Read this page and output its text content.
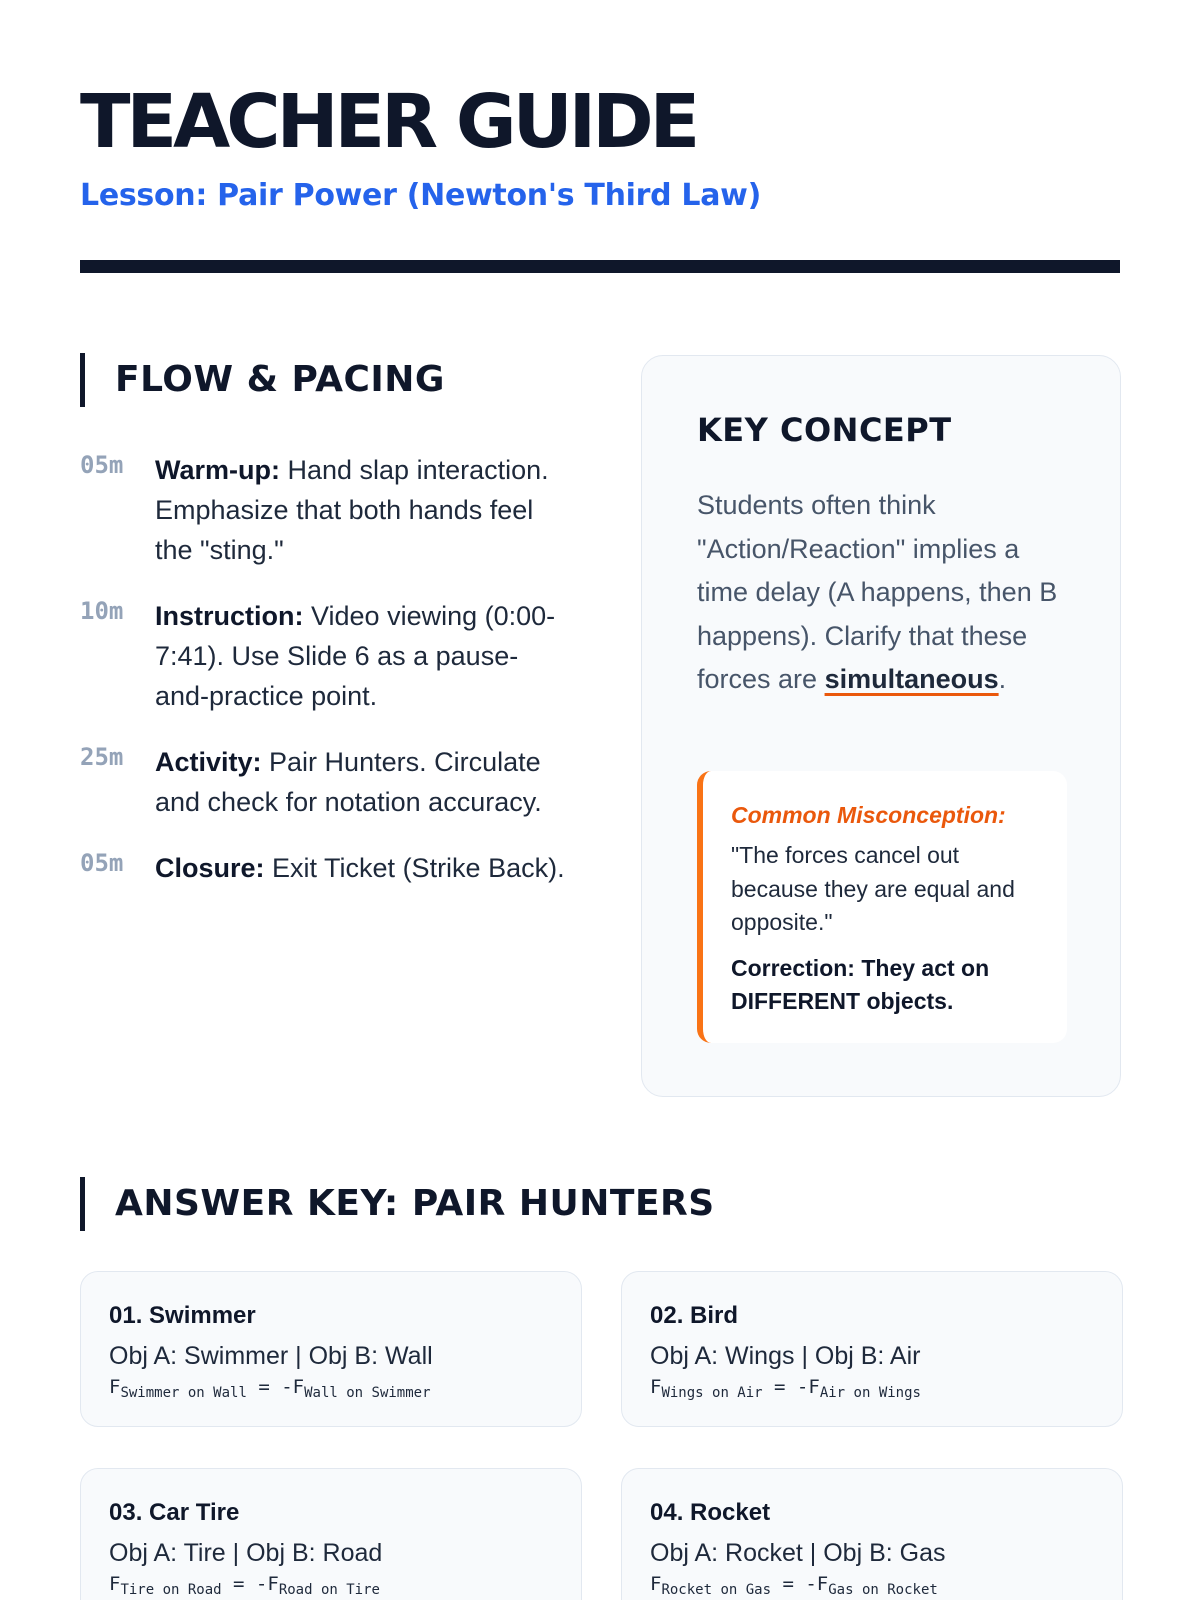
TEACHER GUIDE
Lesson: Pair Power (Newton's Third Law)
FLOW & PACING
05m	Warm-up: Hand slap interaction. Emphasize that both hands feel the "sting."
10m	Instruction: Video viewing (0:00-7:41). Use Slide 6 as a pause-and-practice point.
25m	Activity: Pair Hunters. Circulate and check for notation accuracy.
05m	Closure: Exit Ticket (Strike Back).
KEY CONCEPT

Students often think "Action/Reaction" implies a time delay (A happens, then B happens). Clarify that these forces are simultaneous.

Common Misconception:
"The forces cancel out because they are equal and opposite."
Correction: They act on DIFFERENT objects.
ANSWER KEY: PAIR HUNTERS
01. Swimmer
Obj A: Swimmer | Obj B: Wall
$F_{Swimmer on Wall} = -F_{Wall on Swimmer}$
02. Bird
Obj A: Wings | Obj B: Air
$F_{Wings on Air} = -F_{Air on Wings}$
03. Car Tire
Obj A: Tire | Obj B: Road
$F_{Tire on Road} = -F_{Road on Tire}$
04. Rocket
Obj A: Rocket | Obj B: Gas
$F_{Rocket on Gas} = -F_{Gas on Rocket}$
